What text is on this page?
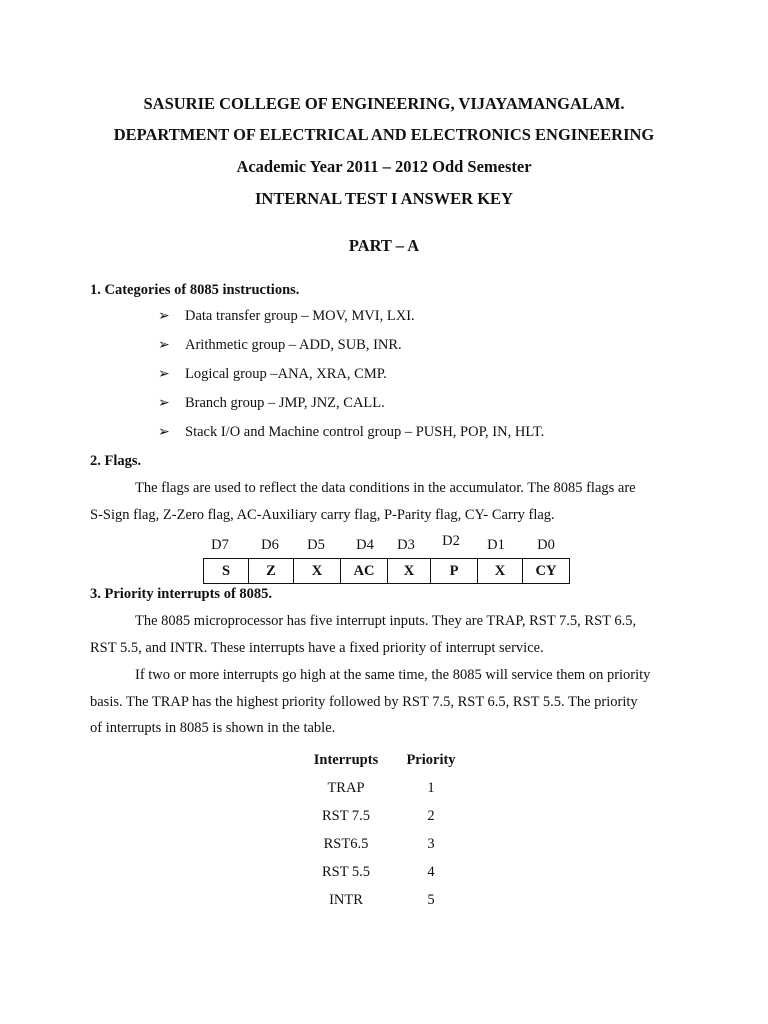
SASURIE COLLEGE OF ENGINEERING, VIJAYAMANGALAM.
DEPARTMENT OF ELECTRICAL AND ELECTRONICS ENGINEERING
Academic Year 2011 – 2012 Odd Semester
INTERNAL TEST I ANSWER KEY
PART – A
1. Categories of 8085 instructions.
➢ Data transfer group – MOV, MVI, LXI.
➢ Arithmetic group – ADD, SUB, INR.
➢ Logical group –ANA, XRA, CMP.
➢ Branch group – JMP, JNZ, CALL.
➢ Stack I/O and Machine control group – PUSH, POP, IN, HLT.
2. Flags.
The flags are used to reflect the data conditions in the accumulator. The 8085 flags are
S-Sign flag, Z-Zero flag, AC-Auxiliary carry flag, P-Parity flag, CY- Carry flag.
D7	D6	D5	D4	D3	D2	D1	D0
S	Z	X	AC	X	P	X	CY
3. Priority interrupts of 8085.
The 8085 microprocessor has five interrupt inputs. They are TRAP, RST 7.5, RST 6.5,
RST 5.5, and INTR. These interrupts have a fixed priority of interrupt service.
If two or more interrupts go high at the same time, the 8085 will service them on priority
basis. The TRAP has the highest priority followed by RST 7.5, RST 6.5, RST 5.5. The priority
of interrupts in 8085 is shown in the table.
Interrupts	Priority
TRAP	1
RST 7.5	2
RST6.5	3
RST 5.5	4
INTR	5
